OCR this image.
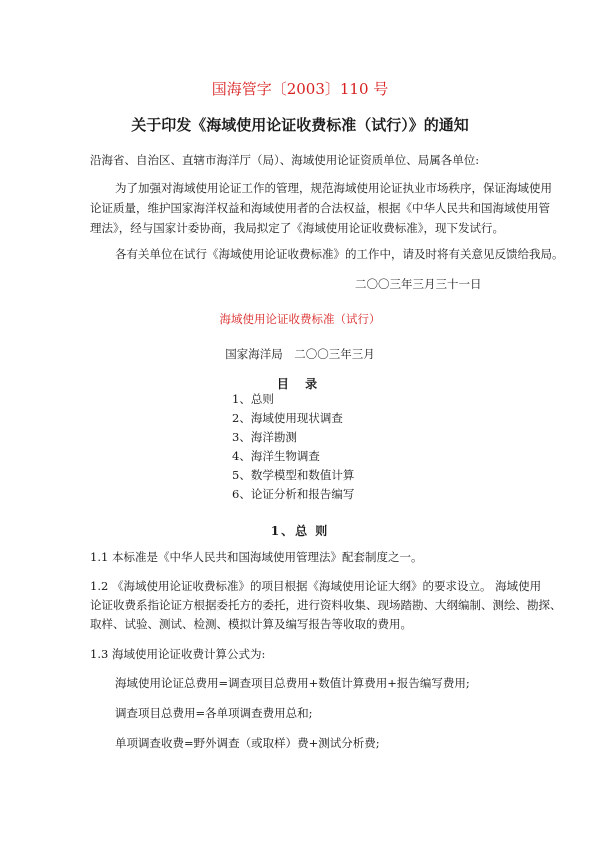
国海管字〔2003〕110 号
关于印发《海域使用论证收费标准（试行）》的通知
沿海省、自治区、直辖市海洋厅（局）、海域使用论证资质单位、局属各单位:
为了加强对海域使用论证工作的管理，规范海域使用论证执业市场秩序，保证海域使用
论证质量，维护国家海洋权益和海域使用者的合法权益，根据《中华人民共和国海域使用管
理法》，经与国家计委协商，我局拟定了《海域使用论证收费标准》，现下发试行。
各有关单位在试行《海域使用论证收费标准》的工作中，请及时将有关意见反馈给我局。
二〇〇三年三月三十一日
海域使用论证收费标准（试行）
国家海洋局　二〇〇三年三月
目 录
1、总则
2、海域使用现状调查
3、海洋勘测
4、海洋生物调查
5、数学模型和数值计算
6、论证分析和报告编写
1、总 则
1.1 本标准是《中华人民共和国海域使用管理法》配套制度之一。
1.2 《海域使用论证收费标准》的项目根据《海域使用论证大纲》的要求设立。 海域使用
论证收费系指论证方根据委托方的委托，进行资料收集、现场踏勘、大纲编制、测绘、勘探、
取样、试验、测试、检测、模拟计算及编写报告等收取的费用。
1.3 海域使用论证收费计算公式为:
海域使用论证总费用=调查项目总费用+数值计算费用+报告编写费用;
调查项目总费用=各单项调查费用总和;
单项调查收费=野外调查（或取样）费+测试分析费;
